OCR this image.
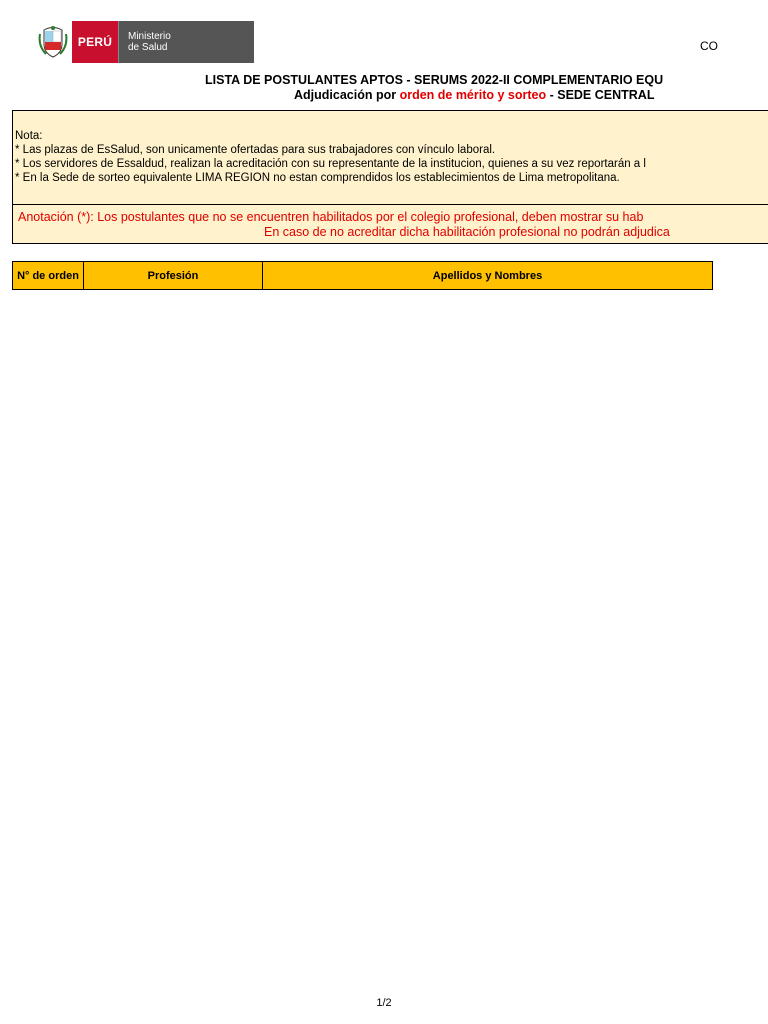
PERÚ	Ministerio
de Salud	CO
LISTA DE POSTULANTES APTOS - SERUMS 2022-II COMPLEMENTARIO EQU
Adjudicación por orden de mérito y sorteo - SEDE CENTRAL
Nota:
* Las plazas de EsSalud, son unicamente ofertadas para sus trabajadores con vínculo laboral.
* Los servidores de Essaldud, realizan la acreditación con su representante de la institucion, quienes a su vez reportarán a l
* En la Sede de sorteo equivalente LIMA REGION no estan comprendidos los establecimientos de Lima metropolitana.
Anotación (*): Los postulantes que no se encuentren habilitados por el colegio profesional, deben mostrar su hab
En caso de no acreditar dicha habilitación profesional no podrán adjudica
N° de orden	Profesión	Apellidos y Nombres
1/2
